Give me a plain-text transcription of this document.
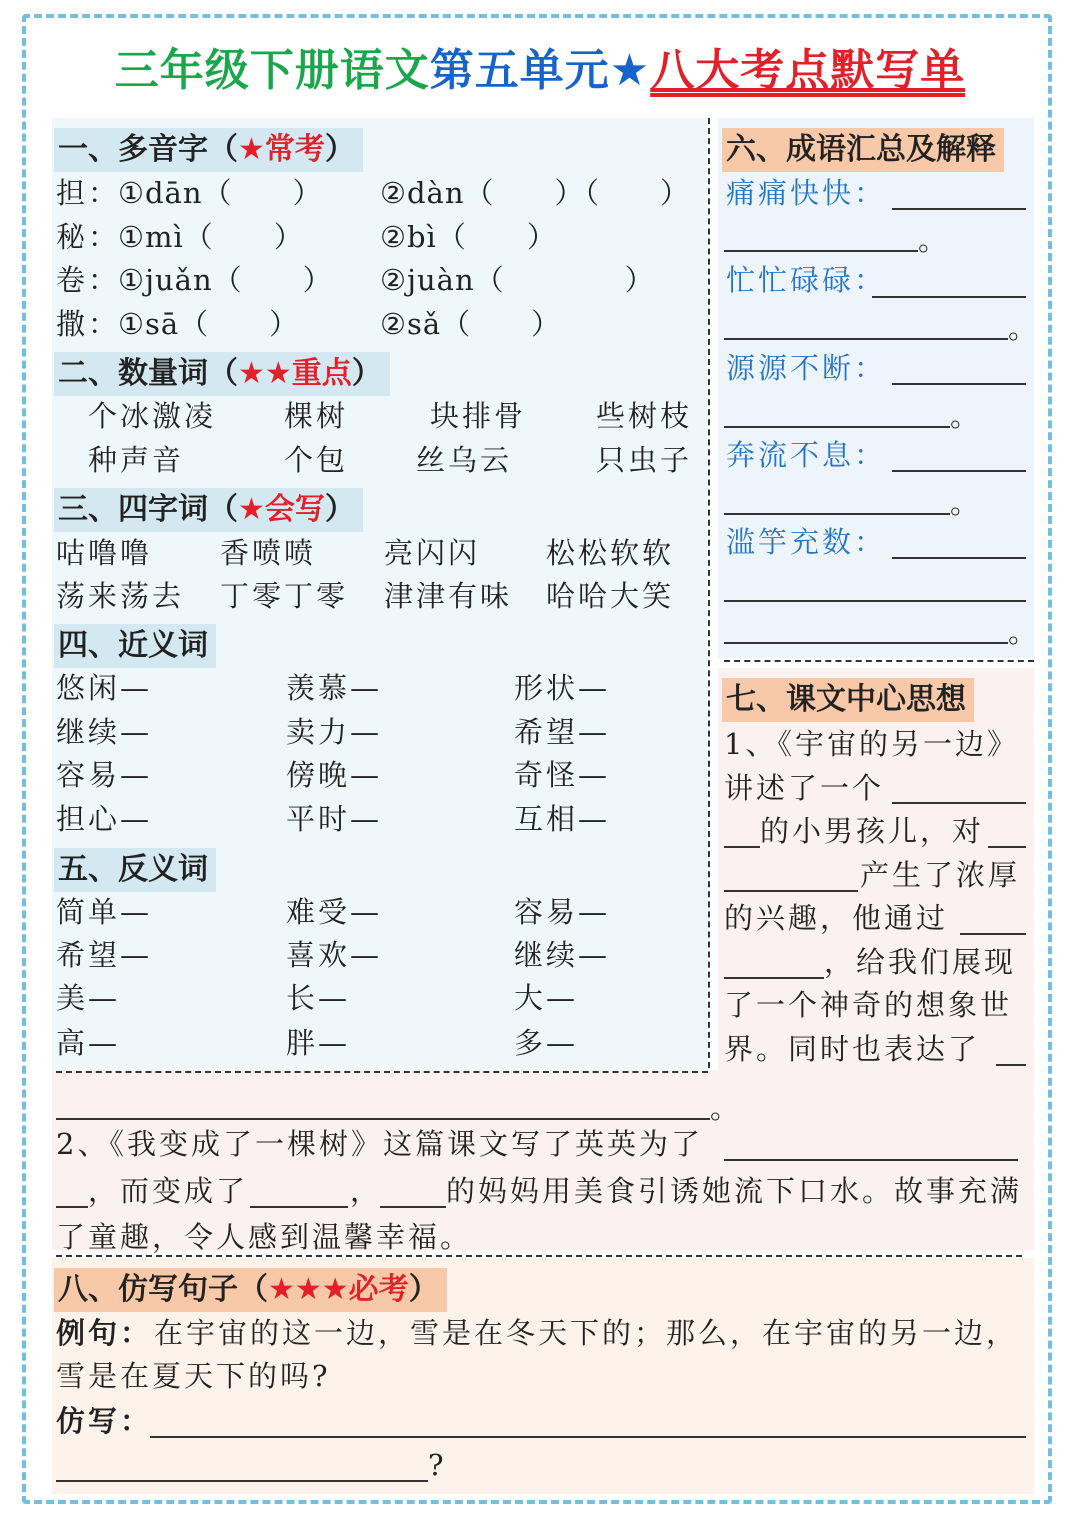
三年级下册语文第五单元★八大考点默写单
一、多音字（★常考）
担：
①dān（　　） ②dàn（　　）（　　）
秘：
①mì（　　）	②bì（　　）
卷：
①juǎn（　　） ②juàn（　　　　）
撒：
①sā（　　）	②sǎ（　　）
二、数量词（★★重点）
个冰激凌 棵树	块排骨 些树枝
种声音	个包 丝乌云	只虫子
三、四字词（★会写）
咕噜噜 香喷喷 亮闪闪 松松软软
荡来荡去 丁零丁零 津津有味 哈哈大笑
四、近义词
悠闲—	羡慕—	形状—
继续—	卖力—	希望—
容易—	傍晚—	奇怪—
担心—	平时—	互相—
五、反义词
简单—	难受—	容易—
希望—	喜欢—	继续—
美—	长—	大—
高—	胖—	多—
六、成语汇总及解释
痛痛快快：
。
忙忙碌碌：
。
源源不断：
。
奔流不息：
。
滥竽充数：
。
七、课文中心思想
1、《宇宙的另一边》
讲述了一个
的小男孩儿，对
产生了浓厚
的兴趣，他通过
，给我们展现
了一个神奇的想象世
界。同时也表达了
。
2、《我变成了一棵树》这篇课文写了英英为了
，而变成了	， 的妈妈用美食引诱她流下口水。故事充满
了童趣，令人感到温馨幸福。
八、仿写句子（★★★必考）
例句： 在宇宙的这一边，雪是在冬天下的；那么，在宇宙的另一边，
雪是在夏天下的吗?
仿写：
?
